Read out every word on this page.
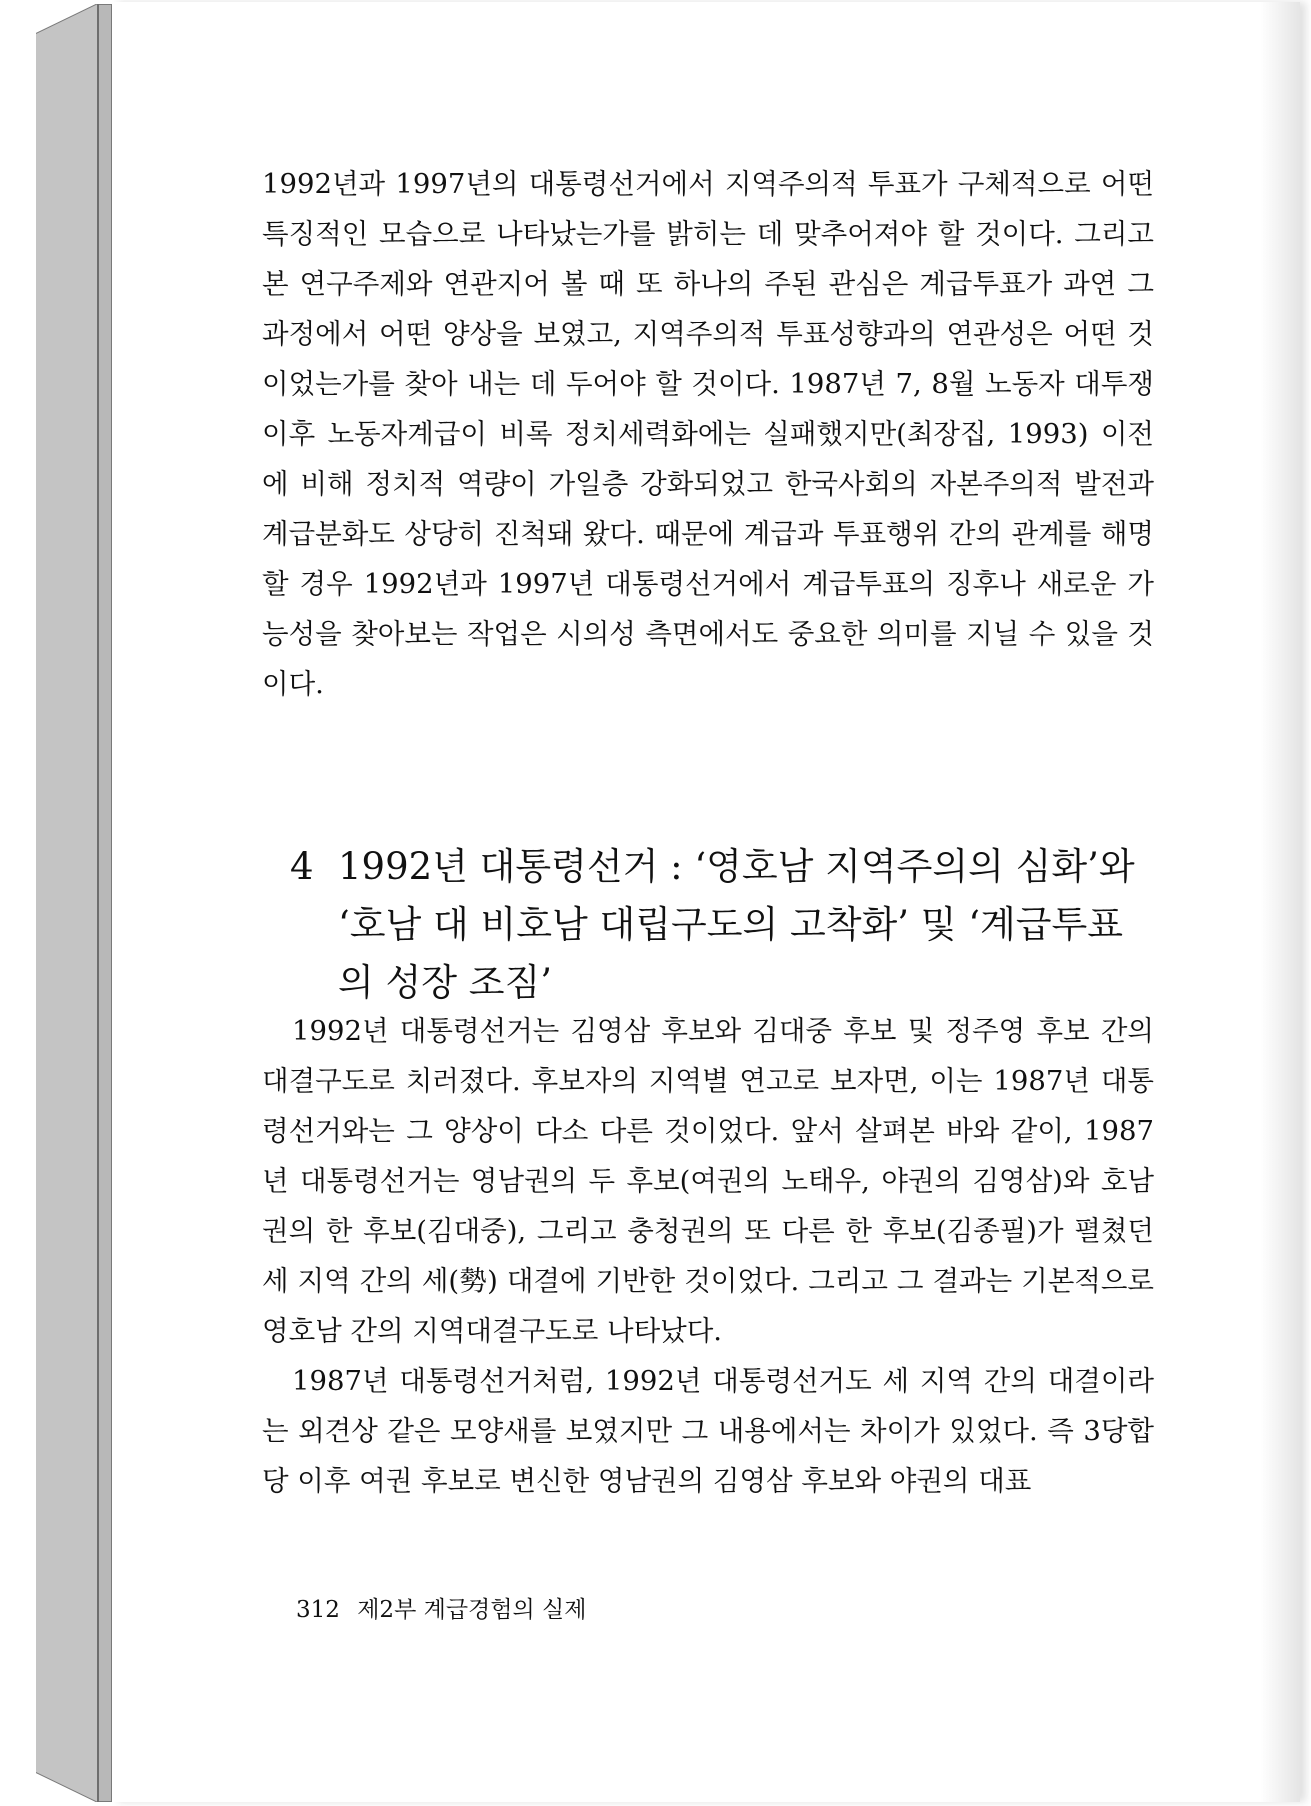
1992년과 1997년의 대통령선거에서 지역주의적 투표가 구체적으로 어떤 특징적인 모습으로 나타났는가를 밝히는 데 맞추어져야 할 것이다. 그리고 본 연구주제와 연관지어 볼 때 또 하나의 주된 관심은 계급투표가 과연 그 과정에서 어떤 양상을 보였고, 지역주의적 투표성향과의 연관성은 어떤 것이었는가를 찾아 내는 데 두어야 할 것이다. 1987년 7, 8월 노동자 대투쟁 이후 노동자계급이 비록 정치세력화에는 실패했지만(최장집, 1993) 이전에 비해 정치적 역량이 가일층 강화되었고 한국사회의 자본주의적 발전과 계급분화도 상당히 진척돼 왔다. 때문에 계급과 투표행위 간의 관계를 해명할 경우 1992년과 1997년 대통령선거에서 계급투표의 징후나 새로운 가능성을 찾아보는 작업은 시의성 측면에서도 중요한 의미를 지닐 수 있을 것이다.

4 1992년 대통령선거 : ‘영호남 지역주의의 심화’와 ‘호남 대 비호남 대립구도의 고착화’ 및 ‘계급투표의 성장 조짐’

1992년 대통령선거는 김영삼 후보와 김대중 후보 및 정주영 후보 간의 대결구도로 치러졌다. 후보자의 지역별 연고로 보자면, 이는 1987년 대통령선거와는 그 양상이 다소 다른 것이었다. 앞서 살펴본 바와 같이, 1987년 대통령선거는 영남권의 두 후보(여권의 노태우, 야권의 김영삼)와 호남권의 한 후보(김대중), 그리고 충청권의 또 다른 한 후보(김종필)가 펼쳤던 세 지역 간의 세(勢) 대결에 기반한 것이었다. 그리고 그 결과는 기본적으로 영호남 간의 지역대결구도로 나타났다.

1987년 대통령선거처럼, 1992년 대통령선거도 세 지역 간의 대결이라는 외견상 같은 모양새를 보였지만 그 내용에서는 차이가 있었다. 즉 3당합당 이후 여권 후보로 변신한 영남권의 김영삼 후보와 야권의 대표

312 제2부 계급경험의 실제
